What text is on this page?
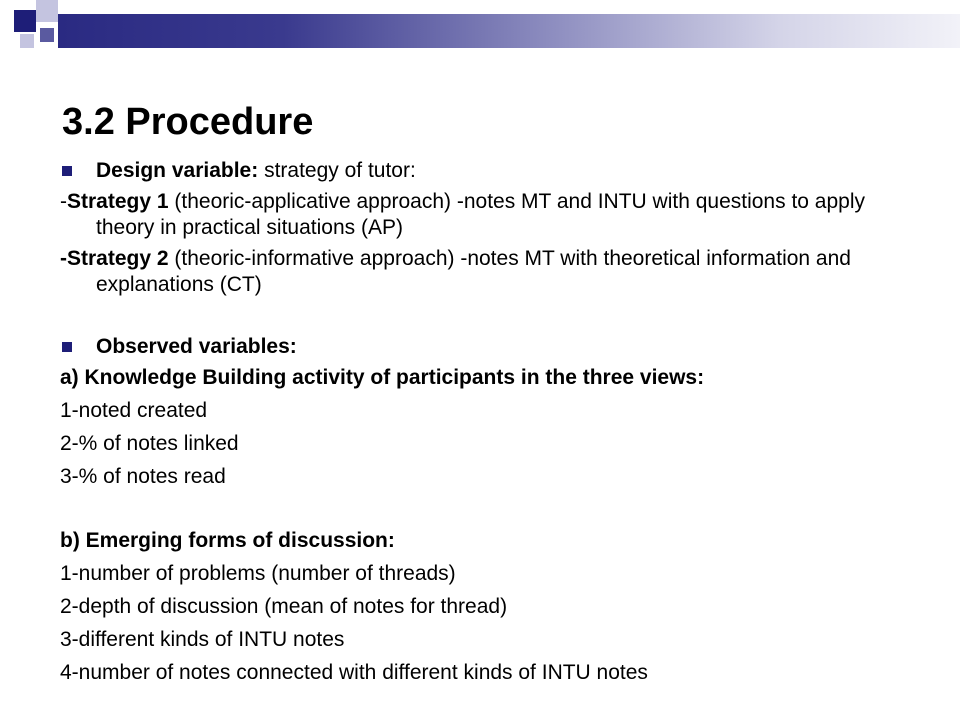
3.2 Procedure
Design variable: strategy of tutor:
-Strategy 1 (theoric-applicative approach) -notes MT and INTU with questions to apply theory in practical situations (AP)
-Strategy 2 (theoric-informative approach) -notes MT with theoretical information and explanations (CT)
Observed variables:
a) Knowledge Building activity of participants in the three views:
1-noted created
2-% of notes linked
3-% of notes read
b) Emerging forms of discussion:
1-number of problems (number of threads)
2-depth of discussion (mean of notes for thread)
3-different kinds of INTU notes
4-number of notes connected with different kinds of INTU notes
